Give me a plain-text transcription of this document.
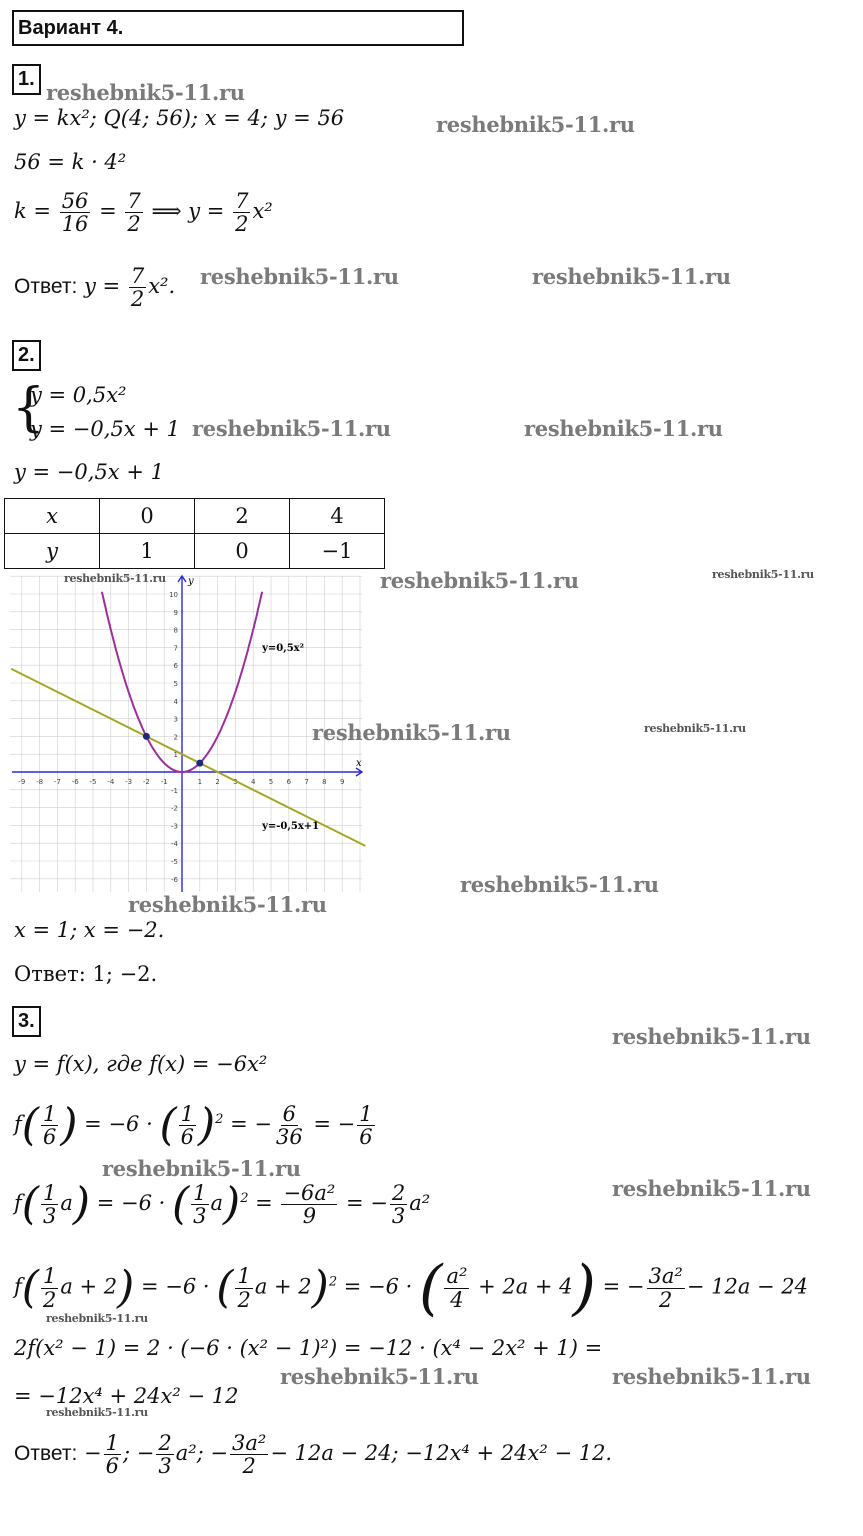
Вариант 4.
1.
y = kx²; Q(4; 56); x = 4; y = 56
56 = k · 4²
$k = \frac{56}{16} = \frac{7}{2}$ ⟹ $y = \frac{7}{2} x^2$
Ответ: $y = \frac{7}{2} x^2$.
2.
{
y = 0,5x²
y = −0,5x + 1
y = −0,5x + 1
x	0	2	4
y	1	0	−1
10
9
8
7
6
5
4
3
2
1
-1
-2
-3
-4
-5
-6
-9 -8 -7 -6 -5 -4 -3 -2 -1	1 2 3 4 5 6 7 8 9
x
y
y=0,5x²
y=-0,5x+1
x = 1; x = −2.
Ответ: 1; −2.
3.
y = f(x), где f(x) = −6x²
$f( \frac{1}{6}$ ) = −6 · ( $\frac{1}{6} )^2$ = − $\frac{6}{36}$ = − $\frac{1}{6}$
$f( \frac{1}{3} a) = -6$ · ( $\frac{1}{3} a)^2 = \frac{\text{−6a²}}{9}$ = − $\frac{2}{3} a^2$
$f( \frac{1}{2}$ a + 2) = −6 · ( $\frac{1}{2}$ a + 2)$^2$ = −6 · ( $\frac{\text{a²}}{4} + 2a + 4$) = − $\frac{\text{3a²}}{2} - 12a - 24$
2f(x² − 1) = 2 · (−6 · (x² − 1)²) = −12 · (x⁴ − 2x² + 1) =
= −12x⁴ + 24x² − 12
Ответ: − $\frac{1}{6}$ ; − $\frac{2}{3} a^2$; − $\frac{\text{3a²}}{2} - 12a - 24$; −12x⁴ + 24x² − 12.
reshebnik5-11.ru
reshebnik5-11.ru
reshebnik5-11.ru	reshebnik5-11.ru
reshebnik5-11.ru	reshebnik5-11.ru
reshebnik5-11.ru	reshebnik5-11.ru	reshebnik5-11.ru
reshebnik5-11.ru	reshebnik5-11.ru
reshebnik5-11.ru
reshebnik5-11.ru
reshebnik5-11.ru
reshebnik5-11.ru
reshebnik5-11.ru
reshebnik5-11.ru
reshebnik5-11.ru	reshebnik5-11.ru
reshebnik5-11.ru
